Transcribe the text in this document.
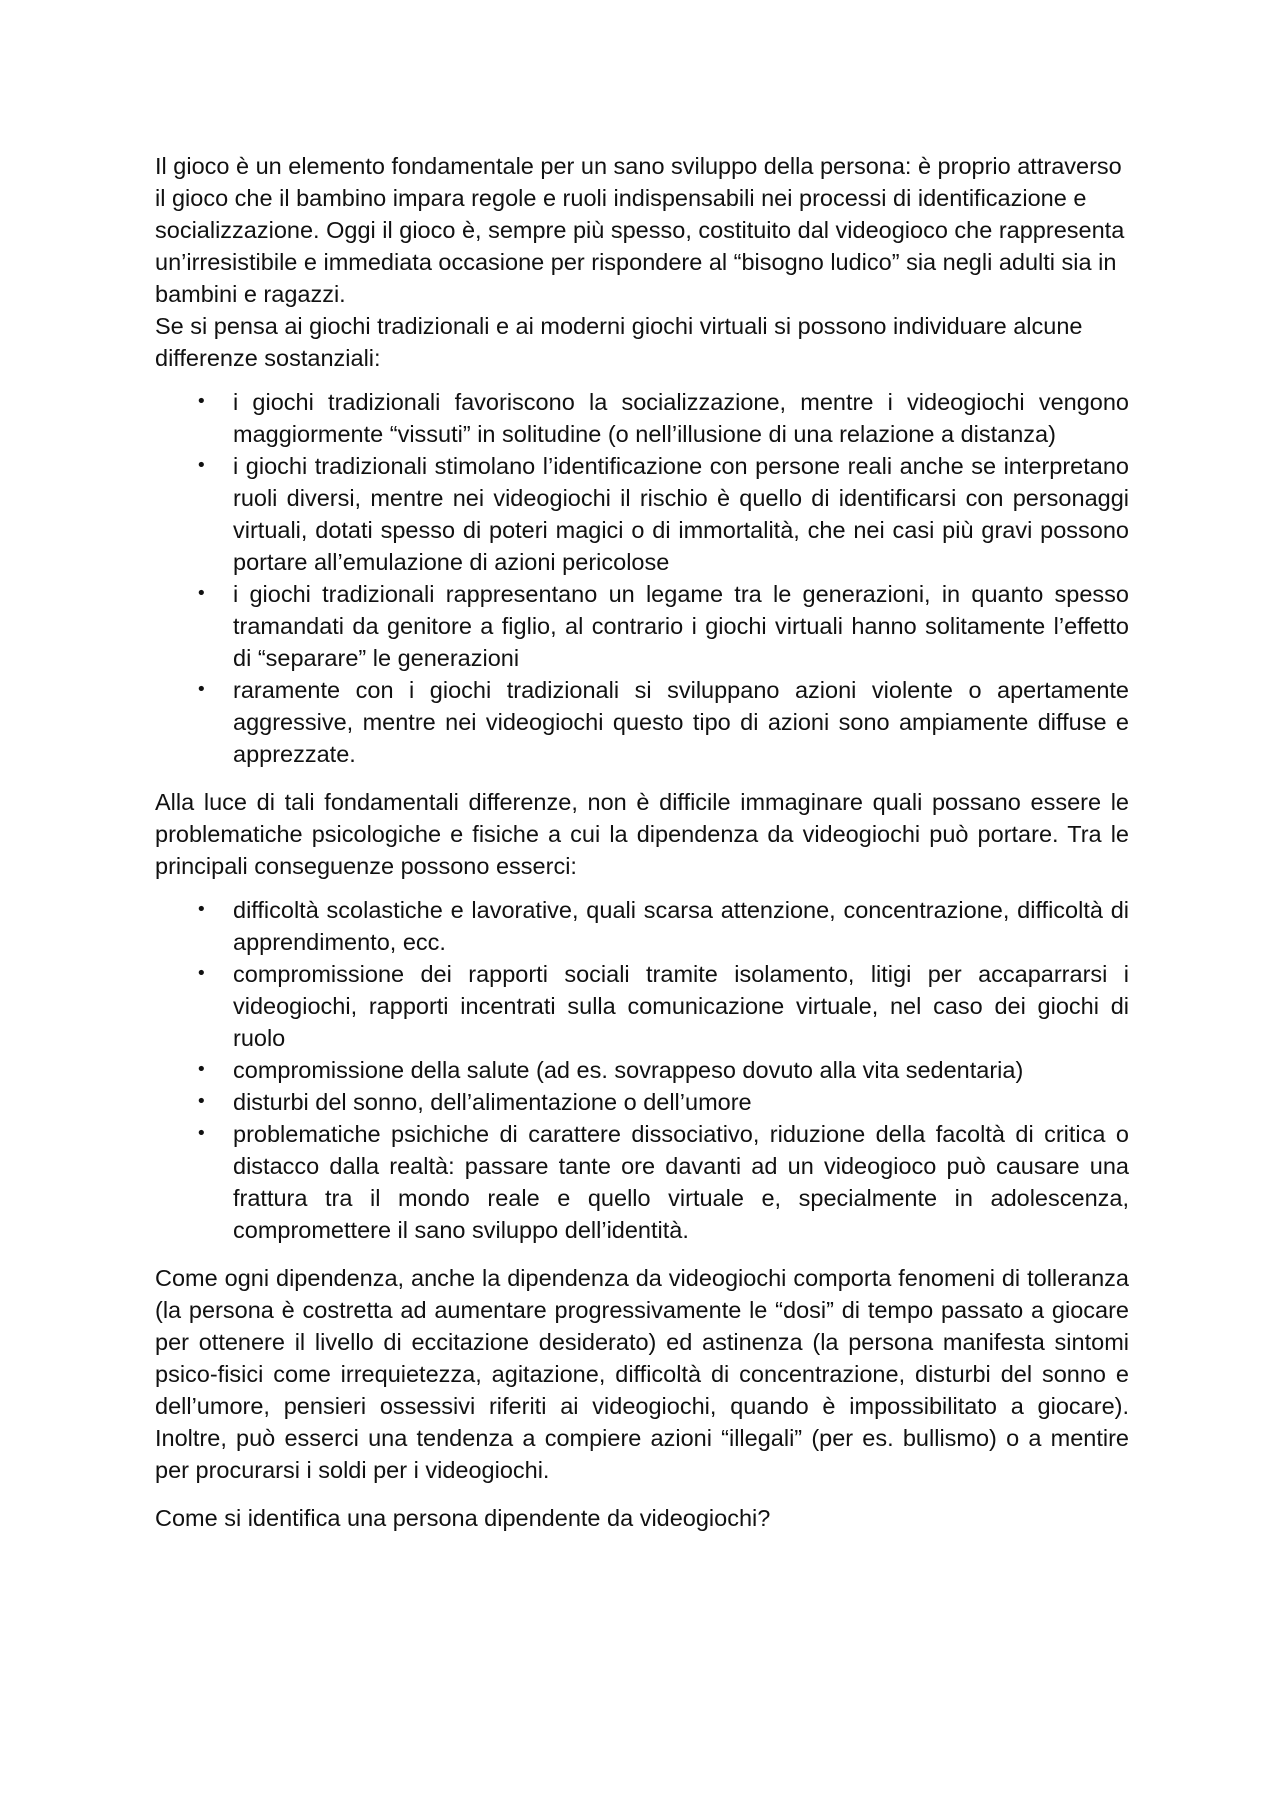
Il gioco è un elemento fondamentale per un sano sviluppo della persona: è proprio attraverso il gioco che il bambino impara regole e ruoli indispensabili nei processi di identificazione e socializzazione. Oggi il gioco è, sempre più spesso, costituito dal videogioco che rappresenta un’irresistibile e immediata occasione per rispondere al “bisogno ludico” sia negli adulti sia in bambini e ragazzi.

Se si pensa ai giochi tradizionali e ai moderni giochi virtuali si possono individuare alcune differenze sostanziali:

• i giochi tradizionali favoriscono la socializzazione, mentre i videogiochi vengono maggiormente “vissuti” in solitudine (o nell’illusione di una relazione a distanza)
• i giochi tradizionali stimolano l’identificazione con persone reali anche se interpretano ruoli diversi, mentre nei videogiochi il rischio è quello di identificarsi con personaggi virtuali, dotati spesso di poteri magici o di immortalità, che nei casi più gravi possono portare all’emulazione di azioni pericolose
• i giochi tradizionali rappresentano un legame tra le generazioni, in quanto spesso tramandati da genitore a figlio, al contrario i giochi virtuali hanno solitamente l’effetto di “separare” le generazioni
• raramente con i giochi tradizionali si sviluppano azioni violente o apertamente aggressive, mentre nei videogiochi questo tipo di azioni sono ampiamente diffuse e apprezzate.

Alla luce di tali fondamentali differenze, non è difficile immaginare quali possano essere le problematiche psicologiche e fisiche a cui la dipendenza da videogiochi può portare. Tra le principali conseguenze possono esserci:

• difficoltà scolastiche e lavorative, quali scarsa attenzione, concentrazione, difficoltà di apprendimento, ecc.
• compromissione dei rapporti sociali tramite isolamento, litigi per accaparrarsi i videogiochi, rapporti incentrati sulla comunicazione virtuale, nel caso dei giochi di ruolo
• compromissione della salute (ad es. sovrappeso dovuto alla vita sedentaria)
• disturbi del sonno, dell’alimentazione o dell’umore
• problematiche psichiche di carattere dissociativo, riduzione della facoltà di critica o distacco dalla realtà: passare tante ore davanti ad un videogioco può causare una frattura tra il mondo reale e quello virtuale e, specialmente in adolescenza, compromettere il sano sviluppo dell’identità.

Come ogni dipendenza, anche la dipendenza da videogiochi comporta fenomeni di tolleranza (la persona è costretta ad aumentare progressivamente le “dosi” di tempo passato a giocare per ottenere il livello di eccitazione desiderato) ed astinenza (la persona manifesta sintomi psico-fisici come irrequietezza, agitazione, difficoltà di concentrazione, disturbi del sonno e dell’umore, pensieri ossessivi riferiti ai videogiochi, quando è impossibilitato a giocare). Inoltre, può esserci una tendenza a compiere azioni “illegali” (per es. bullismo) o a mentire per procurarsi i soldi per i videogiochi.

Come si identifica una persona dipendente da videogiochi?
